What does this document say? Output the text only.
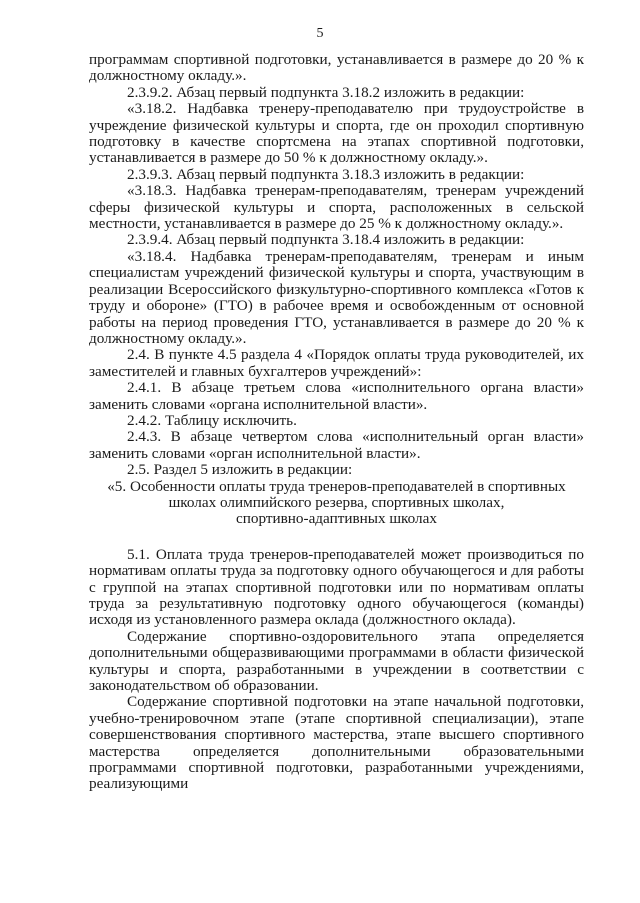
5

программам спортивной подготовки, устанавливается в размере до 20 % к должностному окладу.».

2.3.9.2. Абзац первый подпункта 3.18.2 изложить в редакции:

«3.18.2. Надбавка тренеру-преподавателю при трудоустройстве в учреждение физической культуры и спорта, где он проходил спортивную подготовку в качестве спортсмена на этапах спортивной подготовки, устанавливается в размере до 50 % к должностному окладу.».

2.3.9.3. Абзац первый подпункта 3.18.3 изложить в редакции:

«3.18.3. Надбавка тренерам-преподавателям, тренерам учреждений сферы физической культуры и спорта, расположенных в сельской местности, устанавливается в размере до 25 % к должностному окладу.».

2.3.9.4. Абзац первый подпункта 3.18.4 изложить в редакции:

«3.18.4. Надбавка тренерам-преподавателям, тренерам и иным специалистам учреждений физической культуры и спорта, участвующим в реализации Всероссийского физкультурно-спортивного комплекса «Готов к труду и обороне» (ГТО) в рабочее время и освобожденным от основной работы на период проведения ГТО, устанавливается в размере до 20 % к должностному окладу.».

2.4. В пункте 4.5 раздела 4 «Порядок оплаты труда руководителей, их заместителей и главных бухгалтеров учреждений»:

2.4.1. В абзаце третьем слова «исполнительного органа власти» заменить словами «органа исполнительной власти».

2.4.2. Таблицу исключить.

2.4.3. В абзаце четвертом слова «исполнительный орган власти» заменить словами «орган исполнительной власти».

2.5. Раздел 5 изложить в редакции:

«5. Особенности оплаты труда тренеров-преподавателей в спортивных
школах олимпийского резерва, спортивных школах,
спортивно-адаптивных школах

5.1. Оплата труда тренеров-преподавателей может производиться по нормативам оплаты труда за подготовку одного обучающегося и для работы с группой на этапах спортивной подготовки или по нормативам оплаты труда за результативную подготовку одного обучающегося (команды) исходя из установленного размера оклада (должностного оклада).

Содержание спортивно-оздоровительного этапа определяется дополнительными общеразвивающими программами в области физической культуры и спорта, разработанными в учреждении в соответствии с законодательством об образовании.

Содержание спортивной подготовки на этапе начальной подготовки, учебно-тренировочном этапе (этапе спортивной специализации), этапе совершенствования спортивного мастерства, этапе высшего спортивного мастерства определяется дополнительными образовательными программами спортивной подготовки, разработанными учреждениями, реализующими
